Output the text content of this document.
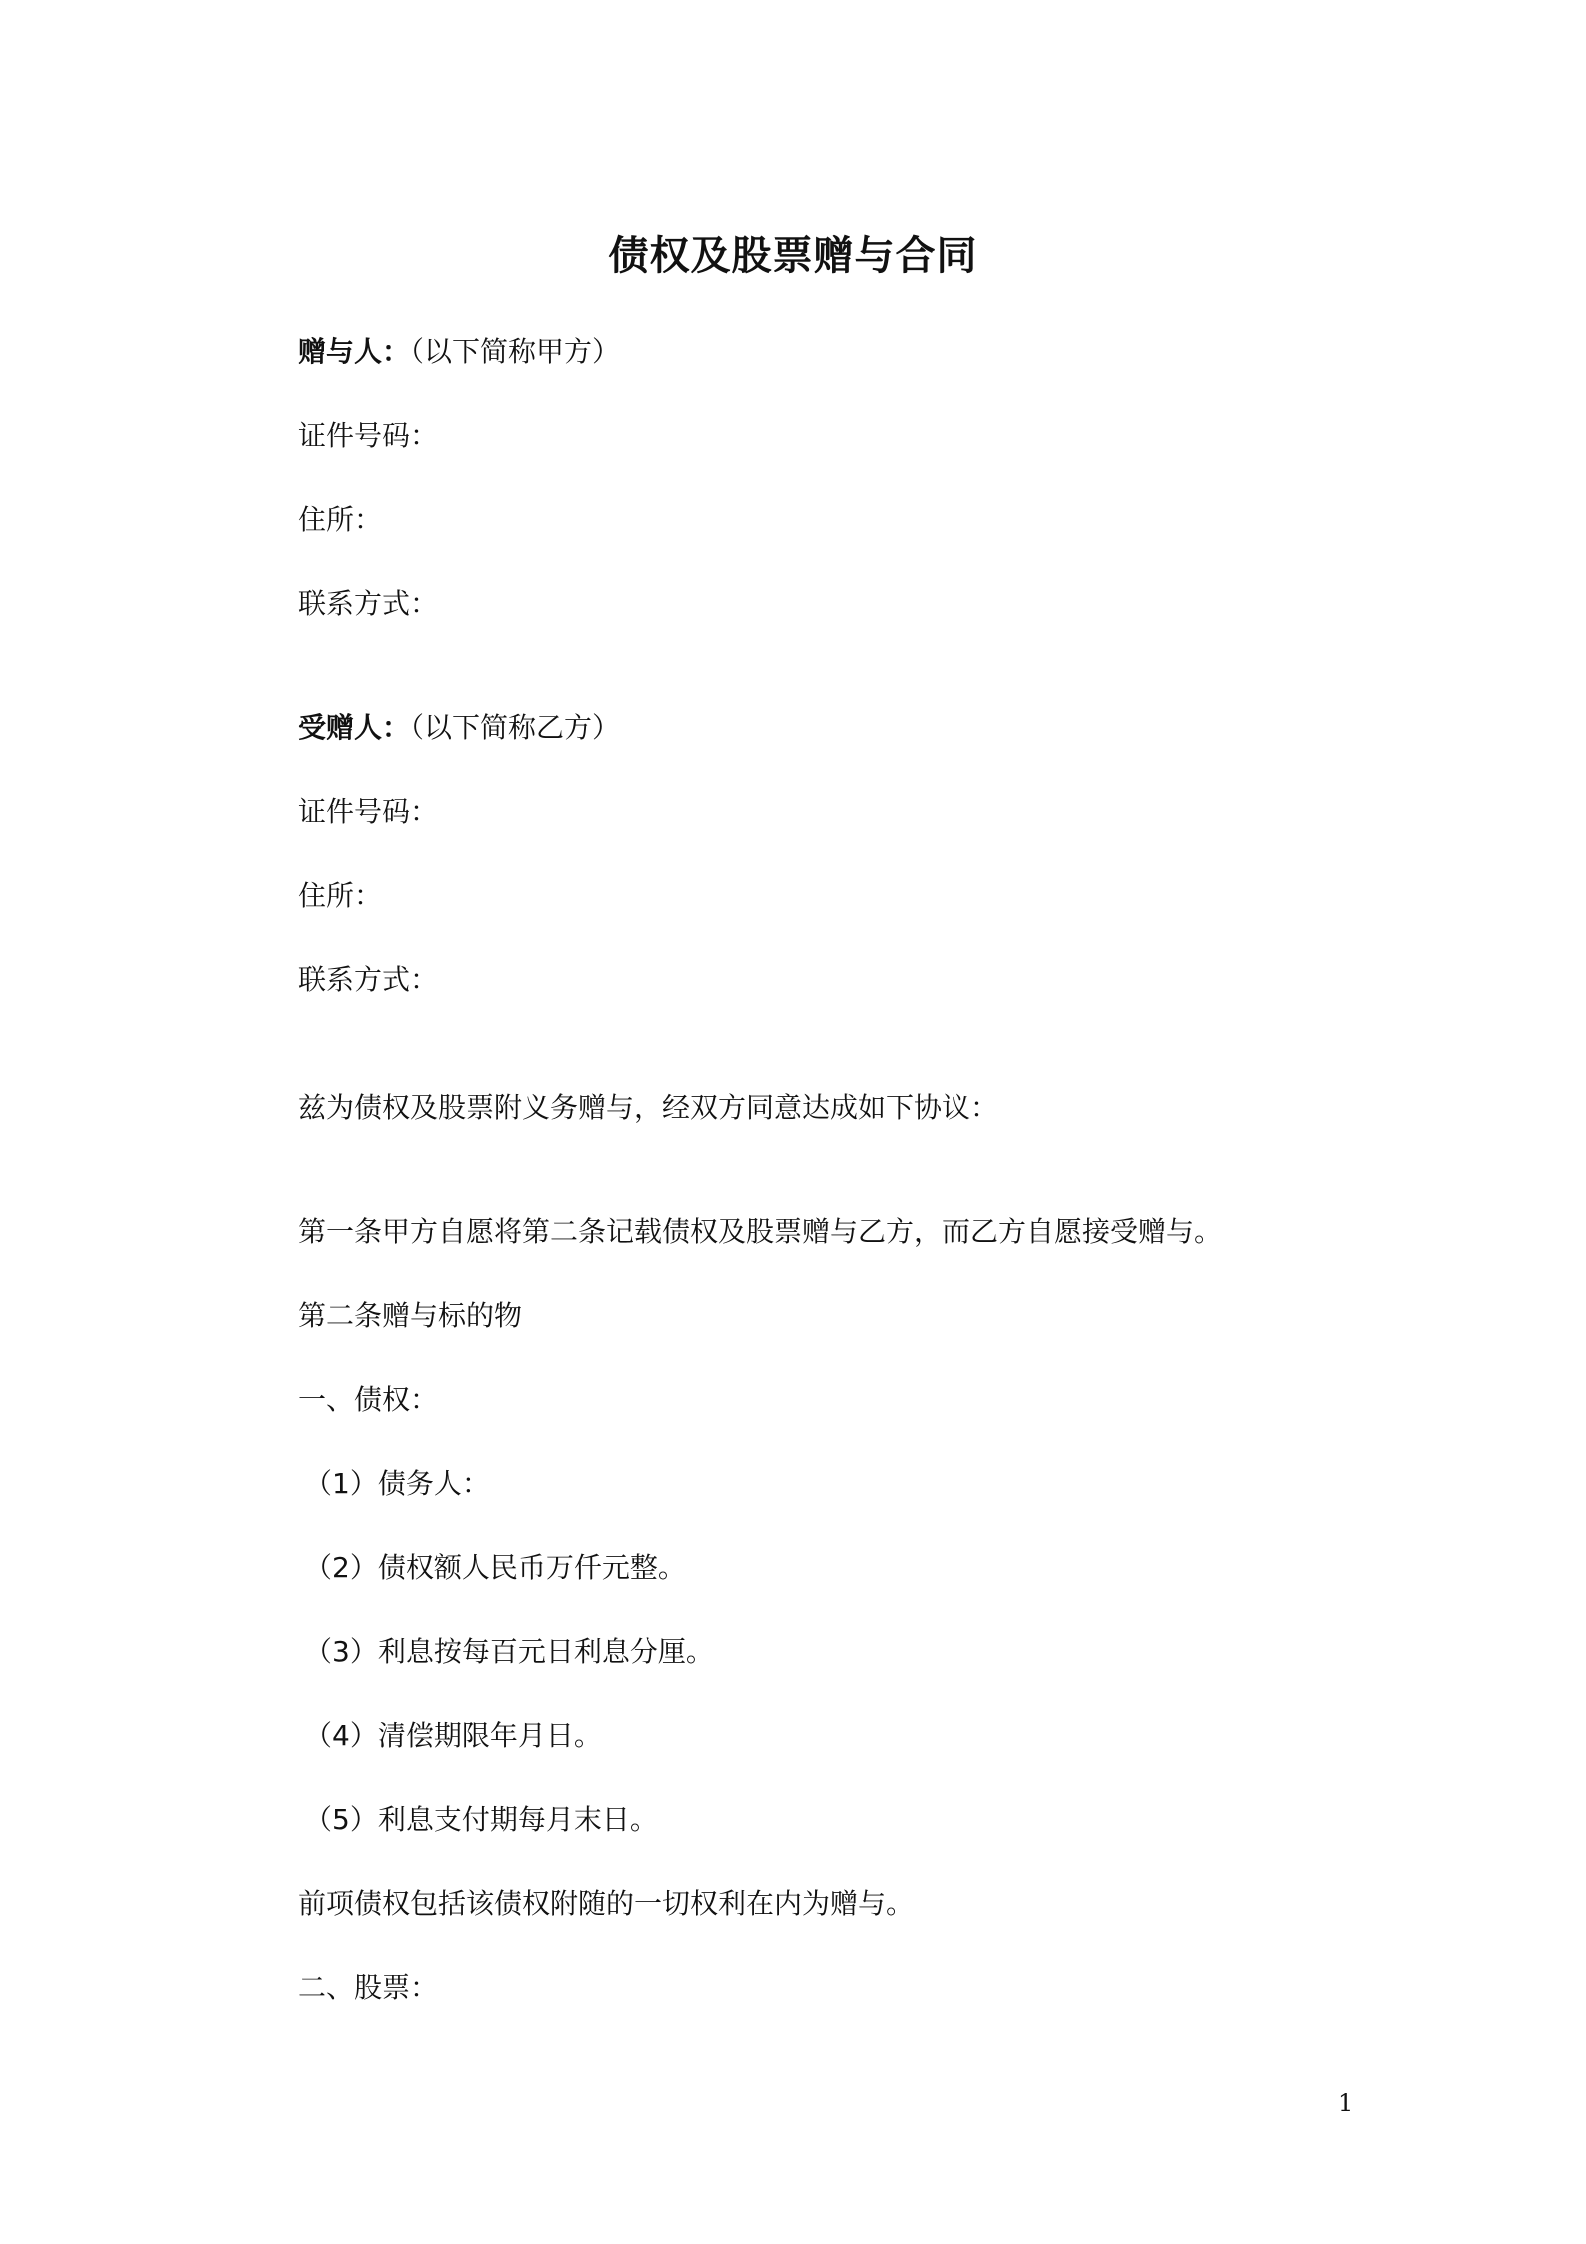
债权及股票赠与合同
赠与人：（以下简称甲方）
证件号码：
住所：
联系方式：
受赠人：（以下简称乙方）
证件号码：
住所：
联系方式：
兹为债权及股票附义务赠与，经双方同意达成如下协议：
第一条甲方自愿将第二条记载债权及股票赠与乙方，而乙方自愿接受赠与。
第二条赠与标的物
一、债权：
（1）债务人：
（2）债权额人民币万仟元整。
（3）利息按每百元日利息分厘。
（4）清偿期限年月日。
（5）利息支付期每月末日。
前项债权包括该债权附随的一切权利在内为赠与。
二、股票：
1
